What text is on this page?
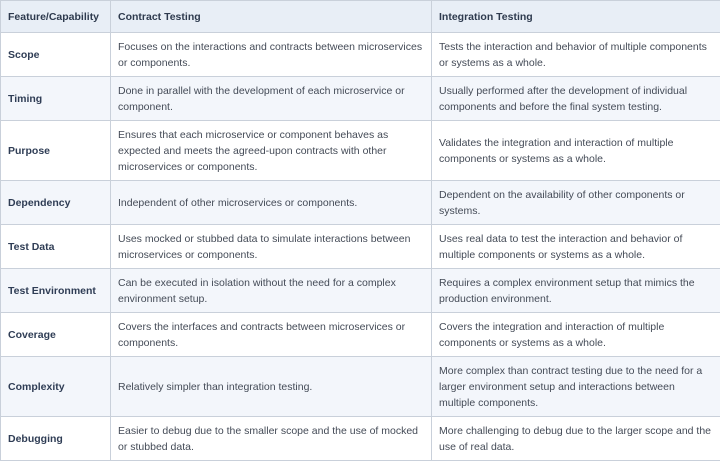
Feature/Capability	Contract Testing	Integration Testing
Scope	Focuses on the interactions and contracts between microservices or components.	Tests the interaction and behavior of multiple components or systems as a whole.
Timing	Done in parallel with the development of each microservice or component.	Usually performed after the development of individual components and before the final system testing.
Purpose	Ensures that each microservice or component behaves as expected and meets the agreed-upon contracts with other microservices or components.	Validates the integration and interaction of multiple components or systems as a whole.
Dependency	Independent of other microservices or components.	Dependent on the availability of other components or systems.
Test Data	Uses mocked or stubbed data to simulate interactions between microservices or components.	Uses real data to test the interaction and behavior of multiple components or systems as a whole.
Test Environment	Can be executed in isolation without the need for a complex environment setup.	Requires a complex environment setup that mimics the production environment.
Coverage	Covers the interfaces and contracts between microservices or components.	Covers the integration and interaction of multiple components or systems as a whole.
Complexity	Relatively simpler than integration testing.	More complex than contract testing due to the need for a larger environment setup and interactions between multiple components.
Debugging	Easier to debug due to the smaller scope and the use of mocked or stubbed data.	More challenging to debug due to the larger scope and the use of real data.
